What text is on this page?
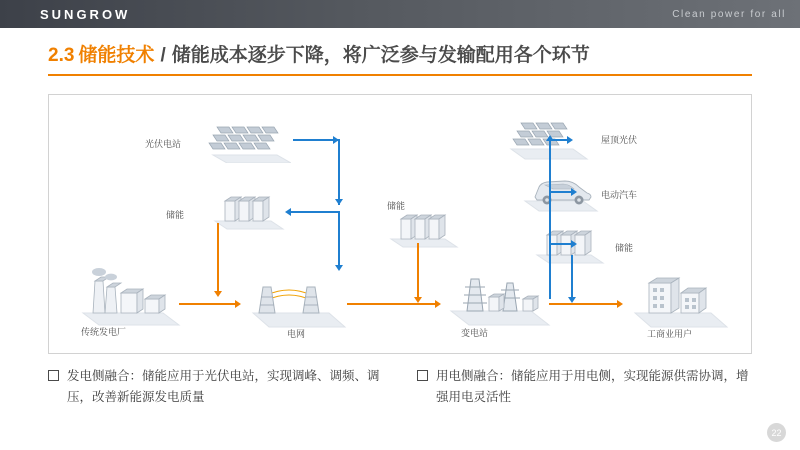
SUNGROW	Clean power for all
2.3 储能技术 / 储能成本逐步下降，将广泛参与发输配用各个环节
光伏电站
储能
储能
屋顶光伏
电动汽车
储能
传统发电厂	电网	变电站	工商业用户
发电侧融合：储能应用于光伏电站，实现调峰、调频、调压，改善新能源发电质量
用电侧融合：储能应用于用电侧，实现能源供需协调，增强用电灵活性
22
